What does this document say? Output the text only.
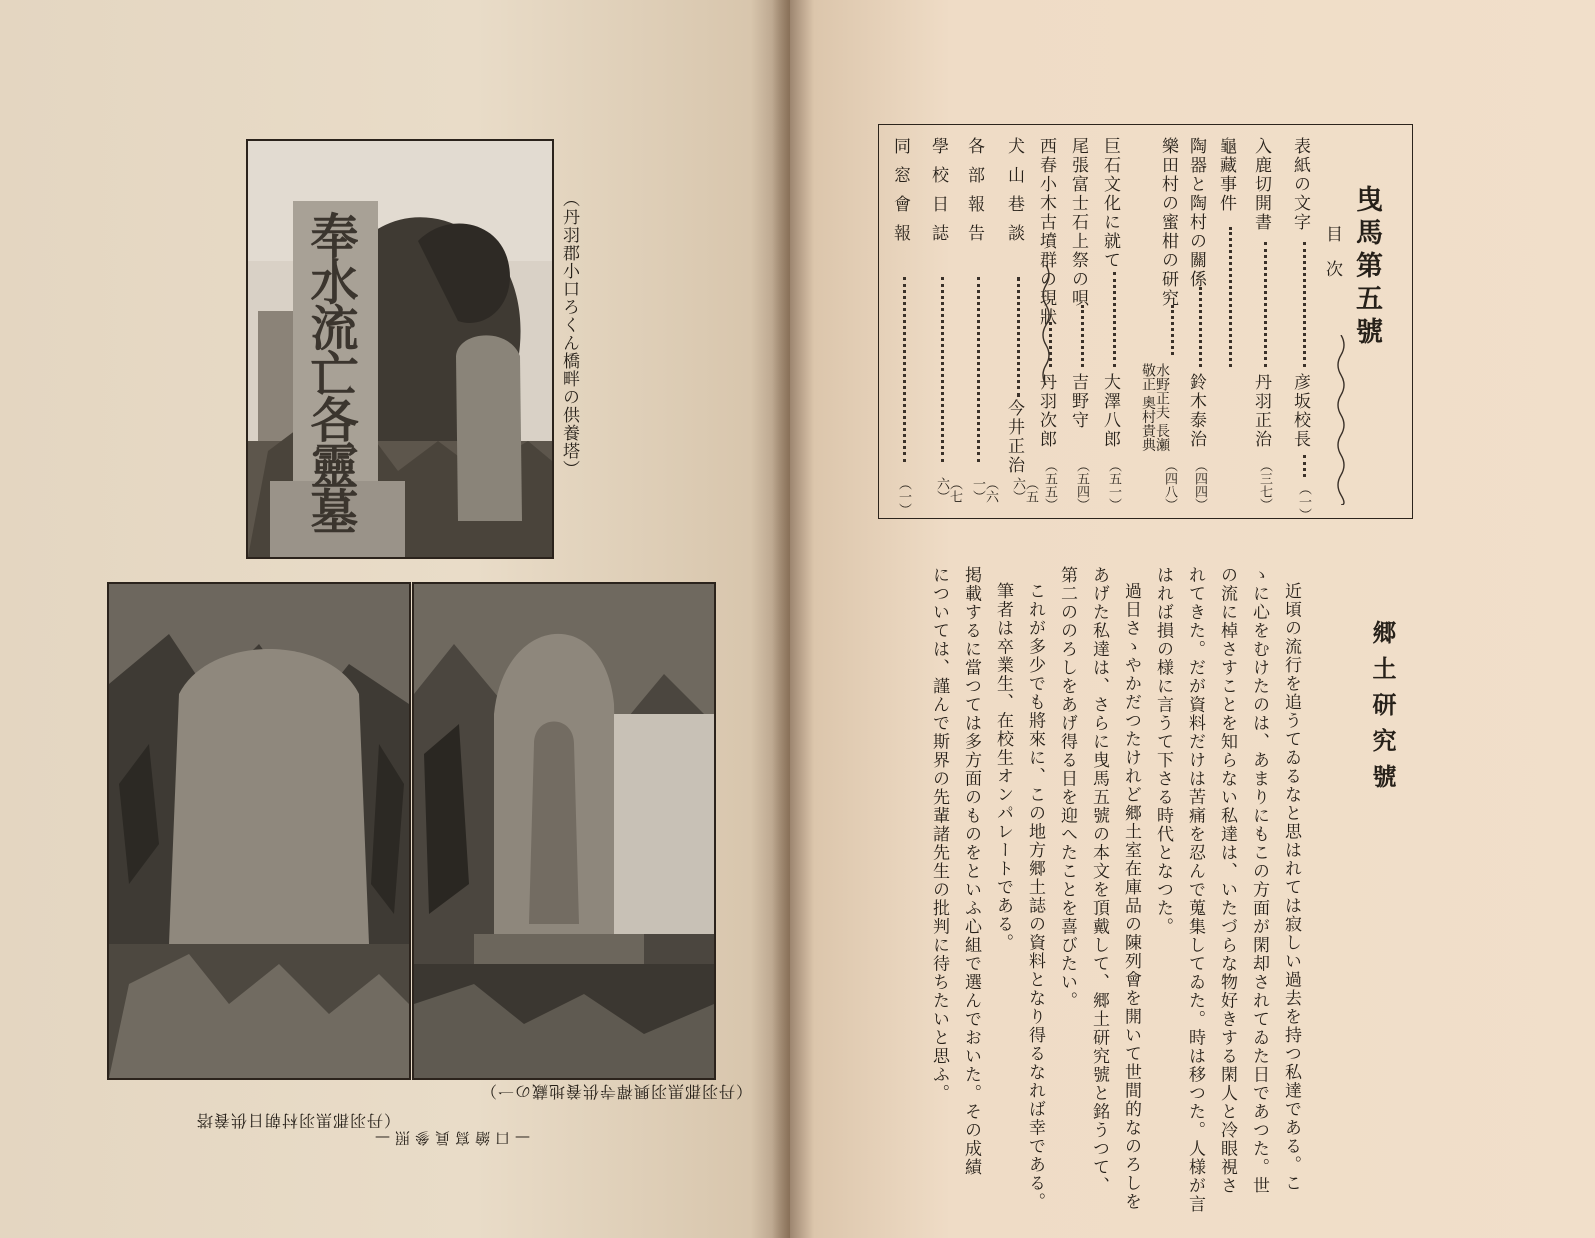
奉水流亡各靈墓	（丹羽郡小口ろくん橋畔の供養塔）
（丹羽郡黒羽村朝日供養塔
（丹羽郡黒羽興禪寺供養地藏の一）
—口繪寫眞參照—
曳馬第五號
目次
表紙の文字
彦坂校長
（一）
入鹿切開書
丹羽正治
（三七）
龜藏事件
陶器と陶村の關係
鈴木泰治
（四四）
樂田村の蜜柑の研究
水野正夫 長瀬敬正 奧村貴典
（四八）
巨石文化に就て
大澤八郎
（五一）
尾張富士石上祭の唄
吉野守
（五四）
西春小木古墳群の現狀
丹羽次郎
（五五）
犬山巷談
今井正治
（五六）
各部報告
（六一）
學校日誌
（七六）
同窓會報
（一）
郷土研究號
近頃の流行を追うてゐるなと思はれては寂しい過去を持つ私達である。こ
ゝに心をむけたのは、あまりにもこの方面が閑却されてゐた日であつた。世
の流に棹さすことを知らない私達は、いたづらな物好きする閑人と冷眼視さ
れてきた。だが資料だけは苦痛を忍んで蒐集してゐた。時は移つた。人様が言
はれば損の様に言うて下さる時代となつた。
過日さゝやかだつたけれど郷土室在庫品の陳列會を開いて世間的なのろしを
あげた私達は、さらに曳馬五號の本文を頂戴して、郷土研究號と銘うつて、
第二ののろしをあげ得る日を迎へたことを喜びたい。
これが多少でも將來に、この地方郷土誌の資料となり得るなれば幸である。
筆者は卒業生、在校生オンパレートである。
掲載するに當つては多方面のものをといふ心組で選んでおいた。その成績
については、謹んで斯界の先輩諸先生の批判に待ちたいと思ふ。
